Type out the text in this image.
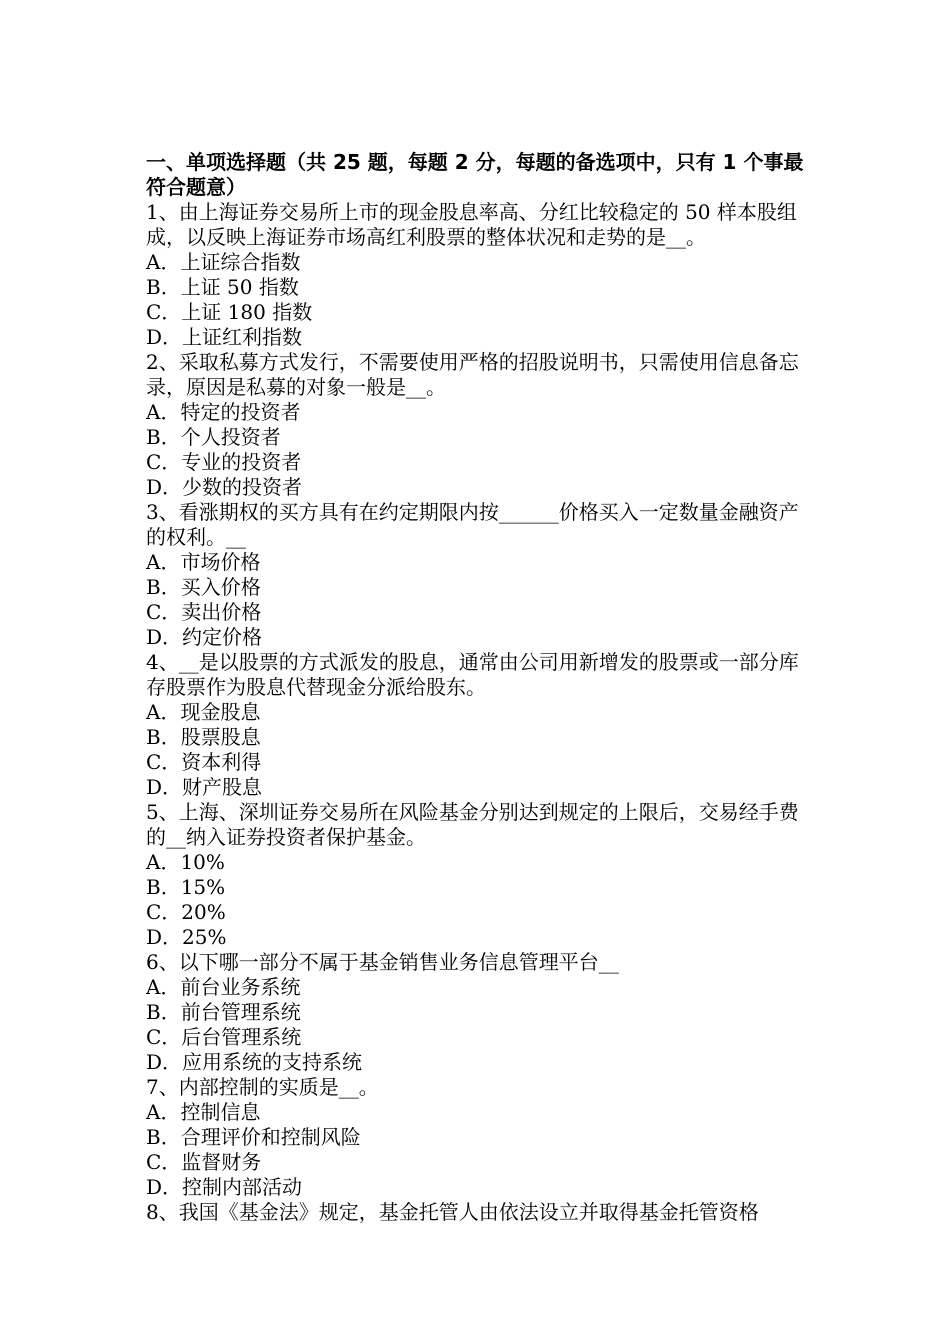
一、单项选择题（共 25 题，每题 2 分，每题的备选项中，只有 1 个事最符合题意）

1、由上海证券交易所上市的现金股息率高、分红比较稳定的 50 样本股组成，以反映上海证券市场高红利股票的整体状况和走势的是__。

A．上证综合指数

B．上证 50 指数

C．上证 180 指数

D．上证红利指数

2、采取私募方式发行，不需要使用严格的招股说明书，只需使用信息备忘录，原因是私募的对象一般是__。

A．特定的投资者

B．个人投资者

C．专业的投资者

D．少数的投资者

3、看涨期权的买方具有在约定期限内按______价格买入一定数量金融资产的权利。__

A．市场价格

B．买入价格

C．卖出价格

D．约定价格

4、__是以股票的方式派发的股息，通常由公司用新增发的股票或一部分库存股票作为股息代替现金分派给股东。

A．现金股息

B．股票股息

C．资本利得

D．财产股息

5、上海、深圳证券交易所在风险基金分别达到规定的上限后，交易经手费的__纳入证券投资者保护基金。

A．10%

B．15%

C．20%

D．25%

6、以下哪一部分不属于基金销售业务信息管理平台__

A．前台业务系统

B．前台管理系统

C．后台管理系统

D．应用系统的支持系统

7、内部控制的实质是__。

A．控制信息

B．合理评价和控制风险

C．监督财务

D．控制内部活动

8、我国《基金法》规定，基金托管人由依法设立并取得基金托管资格
